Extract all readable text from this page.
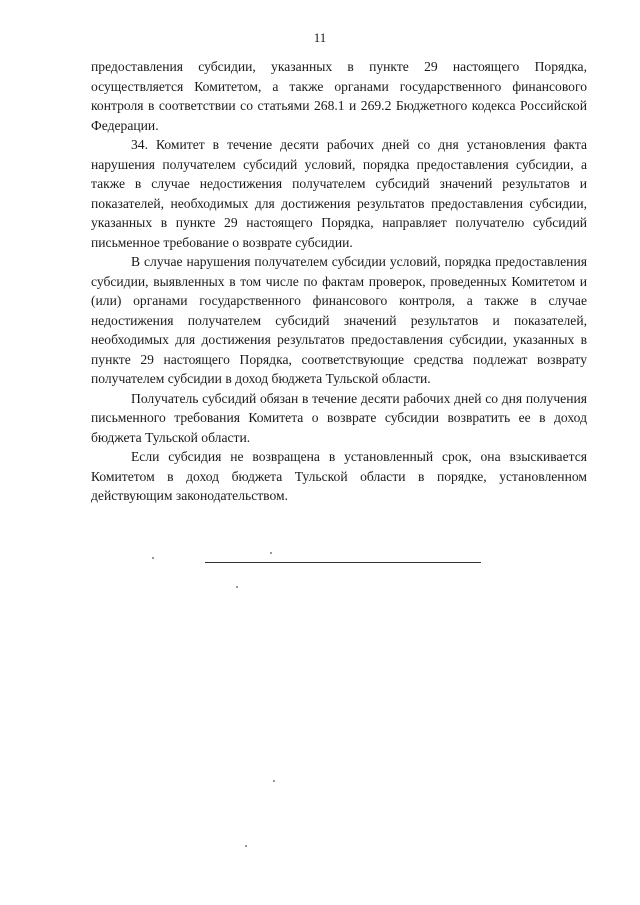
11

предоставления субсидии, указанных в пункте 29 настоящего Порядка, осуществляется Комитетом, а также органами государственного финансового контроля в соответствии со статьями 268.1 и 269.2 Бюджетного кодекса Российской Федерации.

34. Комитет в течение десяти рабочих дней со дня установления факта нарушения получателем субсидий условий, порядка предоставления субсидии, а также в случае недостижения получателем субсидий значений результатов и показателей, необходимых для достижения результатов предоставления субсидии, указанных в пункте 29 настоящего Порядка, направляет получателю субсидий письменное требование о возврате субсидии.

В случае нарушения получателем субсидии условий, порядка предоставления субсидии, выявленных в том числе по фактам проверок, проведенных Комитетом и (или) органами государственного финансового контроля, а также в случае недостижения получателем субсидий значений результатов и показателей, необходимых для достижения результатов предоставления субсидии, указанных в пункте 29 настоящего Порядка, соответствующие средства подлежат возврату получателем субсидии в доход бюджета Тульской области.

Получатель субсидий обязан в течение десяти рабочих дней со дня получения письменного требования Комитета о возврате субсидии возвратить ее в доход бюджета Тульской области.

Если субсидия не возвращена в установленный срок, она взыскивается Комитетом в доход бюджета Тульской области в порядке, установленном действующим законодательством.
